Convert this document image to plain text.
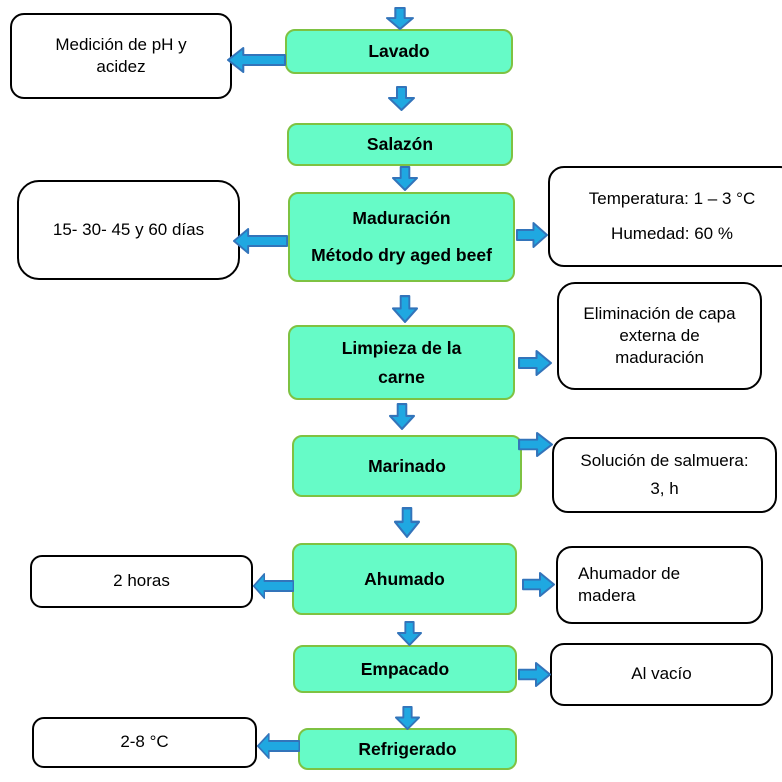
Lavado
Salazón
Maduración
Método dry aged beef
Limpieza de la
carne
Marinado
Ahumado
Empacado
Refrigerado
Medición de pH y acidez
15- 30- 45 y 60 días
Temperatura: 1 – 3 °C
Humedad: 60 %
Eliminación de capa externa de maduración
Solución de salmuera:
3, h
2 horas	Ahumador de madera
Al vacío
2-8 °C
